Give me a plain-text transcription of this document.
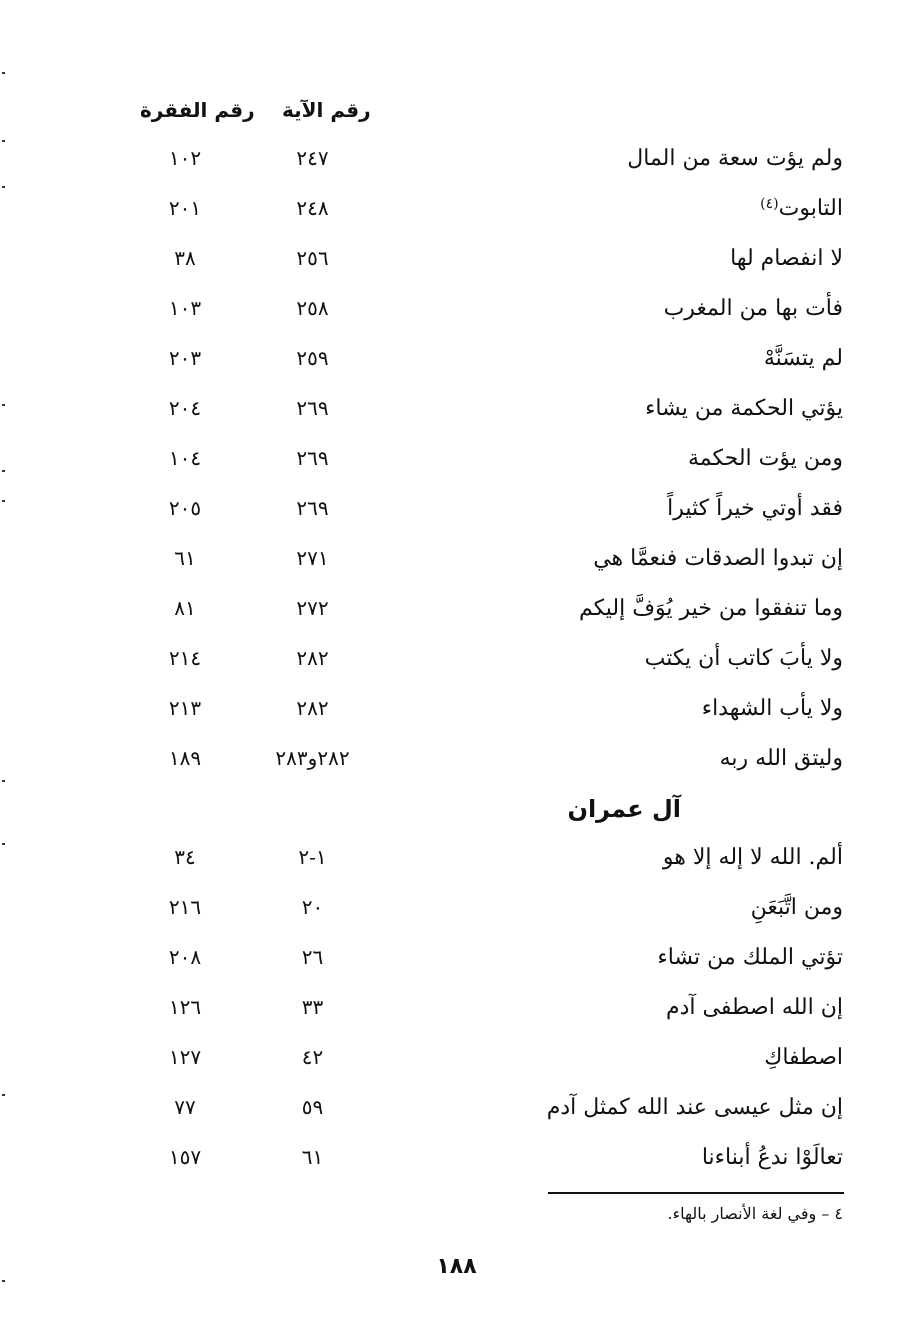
رقم الآية
رقم الفقرة
ولم يؤت سعة من المال
٢٤٧
١٠٢
التابوت$^{(٤)}$
٢٤٨
٢٠١
لا انفصام لها
٢٥٦
٣٨
فأت بها من المغرب
٢٥٨
١٠٣
لم يتسَنَّهْ
٢٥٩
٢٠٣
يؤتي الحكمة من يشاء
٢٦٩
٢٠٤
ومن يؤت الحكمة
٢٦٩
١٠٤
فقد أوتي خيراً كثيراً
٢٦٩
٢٠٥
إن تبدوا الصدقات فنعمَّا هي
٢٧١
٦١
وما تنفقوا من خير يُوَفَّ إليكم
٢٧٢
٨١
ولا يأبَ كاتب أن يكتب
٢٨٢
٢١٤
ولا يأب الشهداء
٢٨٢
٢١٣
وليتق الله ربه
٢٨٢و٢٨٣
١٨٩
آل عمران
ألم. الله لا إله إلا هو
١-٢
٣٤
ومن اتَّبَعَنِ
٢٠
٢١٦
تؤتي الملك من تشاء
٢٦
٢٠٨
إن الله اصطفى آدم
٣٣
١٢٦
اصطفاكِ
٤٢
١٢٧
إن مثل عيسى عند الله كمثل آدم
٥٩
٧٧
تعالَوْا ندعُ أبناءنا
٦١
١٥٧
٤ – وفي لغة الأنصار بالهاء.
١٨٨
